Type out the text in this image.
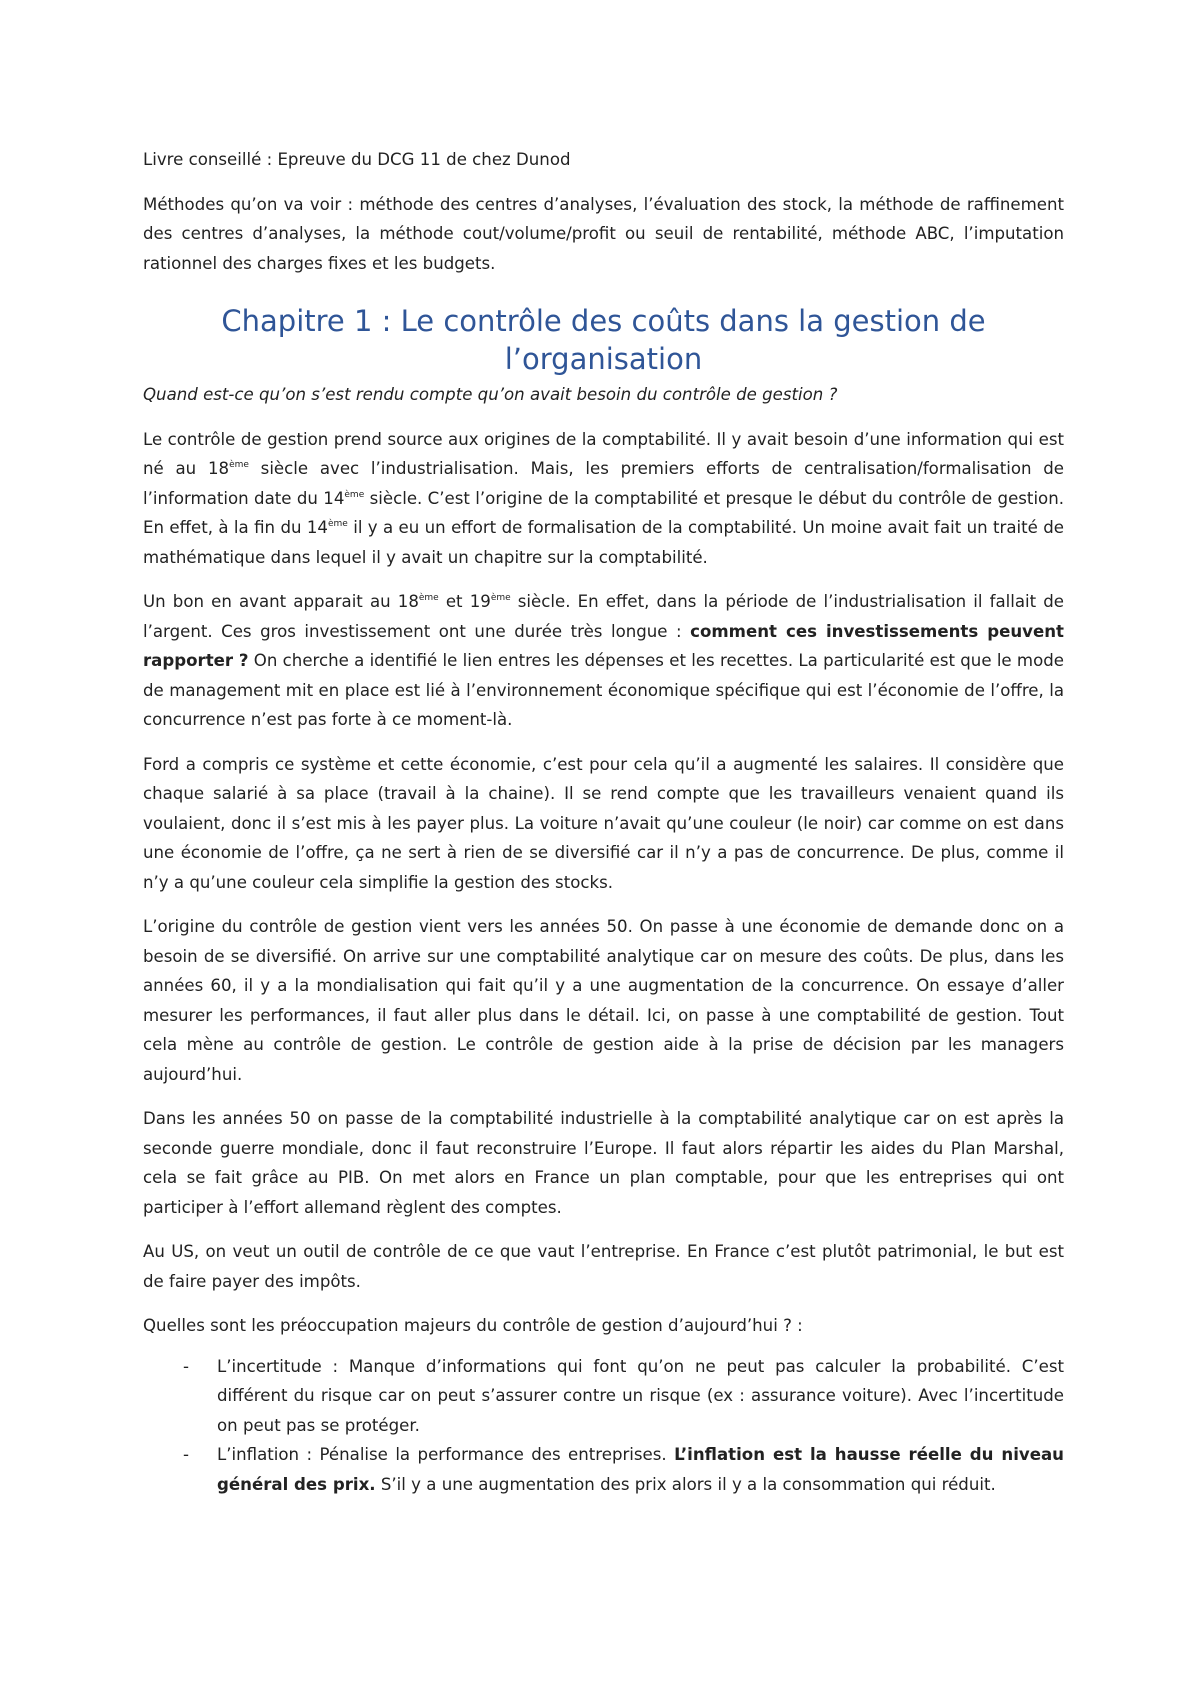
Livre conseillé : Epreuve du DCG 11 de chez Dunod

Méthodes qu’on va voir : méthode des centres d’analyses, l’évaluation des stock, la méthode de raffinement des centres d’analyses, la méthode cout/volume/profit ou seuil de rentabilité, méthode ABC, l’imputation rationnel des charges fixes et les budgets.

Chapitre 1 : Le contrôle des coûts dans la gestion de l’organisation

Quand est-ce qu’on s’est rendu compte qu’on avait besoin du contrôle de gestion ?

Le contrôle de gestion prend source aux origines de la comptabilité. Il y avait besoin d’une information qui est né au 18ème siècle avec l’industrialisation. Mais, les premiers efforts de centralisation/formalisation de l’information date du 14ème siècle. C’est l’origine de la comptabilité et presque le début du contrôle de gestion. En effet, à la fin du 14ème il y a eu un effort de formalisation de la comptabilité. Un moine avait fait un traité de mathématique dans lequel il y avait un chapitre sur la comptabilité.

Un bon en avant apparait au 18ème et 19ème siècle. En effet, dans la période de l’industrialisation il fallait de l’argent. Ces gros investissement ont une durée très longue : comment ces investissements peuvent rapporter ? On cherche a identifié le lien entres les dépenses et les recettes. La particularité est que le mode de management mit en place est lié à l’environnement économique spécifique qui est l’économie de l’offre, la concurrence n’est pas forte à ce moment-là.

Ford a compris ce système et cette économie, c’est pour cela qu’il a augmenté les salaires. Il considère que chaque salarié à sa place (travail à la chaine). Il se rend compte que les travailleurs venaient quand ils voulaient, donc il s’est mis à les payer plus. La voiture n’avait qu’une couleur (le noir) car comme on est dans une économie de l’offre, ça ne sert à rien de se diversifié car il n’y a pas de concurrence. De plus, comme il n’y a qu’une couleur cela simplifie la gestion des stocks.

L’origine du contrôle de gestion vient vers les années 50. On passe à une économie de demande donc on a besoin de se diversifié. On arrive sur une comptabilité analytique car on mesure des coûts. De plus, dans les années 60, il y a la mondialisation qui fait qu’il y a une augmentation de la concurrence. On essaye d’aller mesurer les performances, il faut aller plus dans le détail. Ici, on passe à une comptabilité de gestion. Tout cela mène au contrôle de gestion. Le contrôle de gestion aide à la prise de décision par les managers aujourd’hui.

Dans les années 50 on passe de la comptabilité industrielle à la comptabilité analytique car on est après la seconde guerre mondiale, donc il faut reconstruire l’Europe. Il faut alors répartir les aides du Plan Marshal, cela se fait grâce au PIB. On met alors en France un plan comptable, pour que les entreprises qui ont participer à l’effort allemand règlent des comptes.

Au US, on veut un outil de contrôle de ce que vaut l’entreprise. En France c’est plutôt patrimonial, le but est de faire payer des impôts.

Quelles sont les préoccupation majeurs du contrôle de gestion d’aujourd’hui ? :

- L’incertitude : Manque d’informations qui font qu’on ne peut pas calculer la probabilité. C’est différent du risque car on peut s’assurer contre un risque (ex : assurance voiture). Avec l’incertitude on peut pas se protéger.

- L’inflation : Pénalise la performance des entreprises. L’inflation est la hausse réelle du niveau général des prix. S’il y a une augmentation des prix alors il y a la consommation qui réduit.
